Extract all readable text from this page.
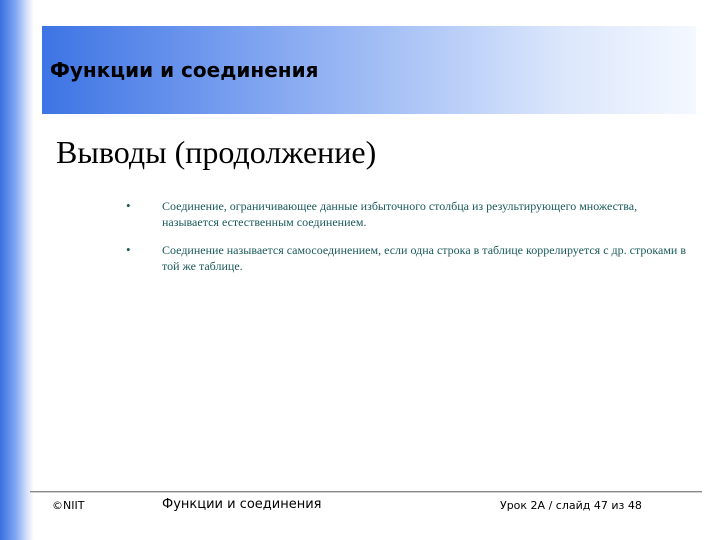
Функции и соединения
Выводы (продолжение)
•	Соединение, ограничивающее данные избыточного столбца из результирующего множества, называется естественным соединением.
•	Соединение называется самосоединением, если одна строка в таблице коррелируется с др. строками в той же таблице.
©NIIT	Функции и соединения	Урок 2А / слайд 47 из 48
